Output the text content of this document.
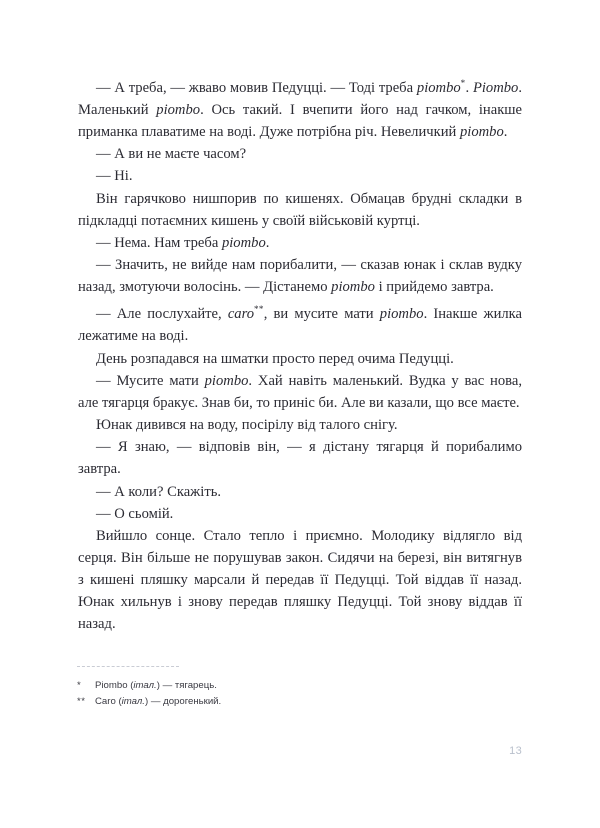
— А треба, — жваво мовив Педуцці. — Тоді треба piombo*. Piombo. Маленький piombo. Ось такий. І вчепити його над гачком, інакше приманка плаватиме на воді. Дуже потрібна річ. Невеличкий piombo.

— А ви не маєте часом?

— Ні.

Він гарячково нишпорив по кишенях. Обмацав брудні складки в підкладці потаємних кишень у своїй військовій куртці.

— Нема. Нам треба piombo.

— Значить, не вийде нам порибалити, — сказав юнак і склав вудку назад, змотуючи волосінь. — Дістанемо piombo і прийдемо завтра.

— Але послухайте, caro**, ви мусите мати piombo. Інакше жилка лежатиме на воді.

День розпадався на шматки просто перед очима Педуцці.

— Мусите мати piombo. Хай навіть маленький. Вудка у вас нова, але тягарця бракує. Знав би, то приніс би. Але ви казали, що все маєте.

Юнак дивився на воду, посірілу від талого снігу.

— Я знаю, — відповів він, — я дістану тягарця й порибалимо завтра.

— А коли? Скажіть.

— О сьомій.

Вийшло сонце. Стало тепло і приємно. Молодику відлягло від серця. Він більше не порушував закон. Сидячи на березі, він витягнув з кишені пляшку марсали й передав її Педуцці. Той віддав її назад. Юнак хильнув і знову передав пляшку Педуцці. Той знову віддав її назад.

*	Piombo (італ.) — тягарець.
** Caro (італ.) — дорогенький.
13
